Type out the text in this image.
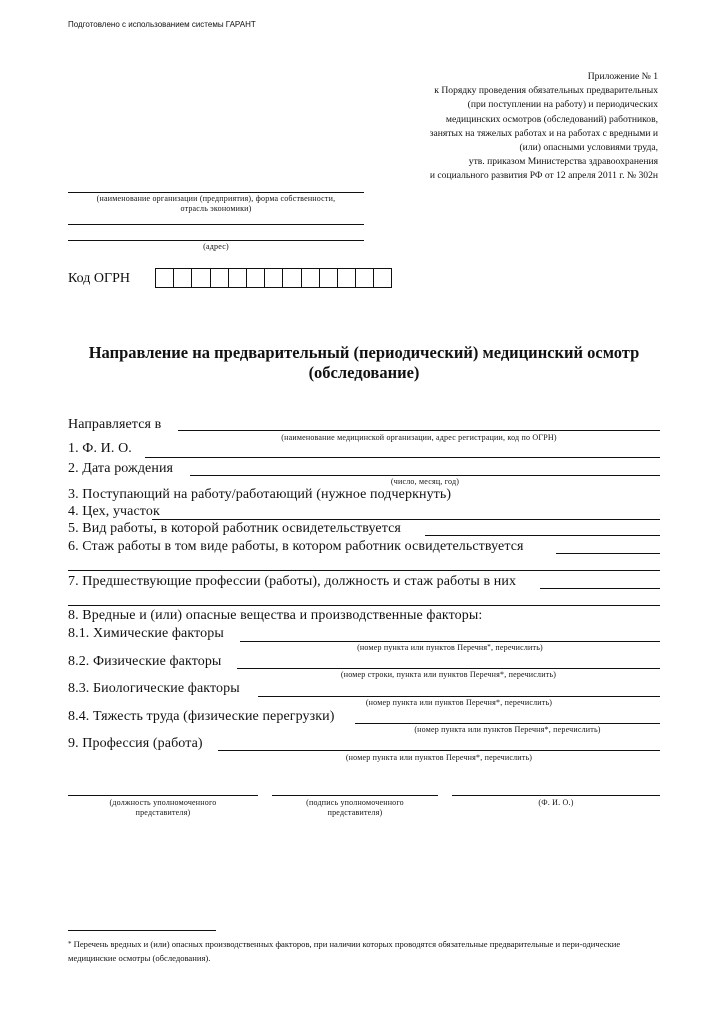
Подготовлено с использованием системы ГАРАНТ
Приложение № 1
к Порядку проведения обязательных предварительных
(при поступлении на работу) и периодических
медицинских осмотров (обследований) работников,
занятых на тяжелых работах и на работах с вредными и
(или) опасными условиями труда,
утв. приказом Министерства здравоохранения
и социального развития РФ от 12 апреля 2011 г. № 302н
(наименование организации (предприятия), форма собственности,
отрасль экономики)
(адрес)
Код ОГРН
Направление на предварительный (периодический) медицинский осмотр
(обследование)
Направляется в
(наименование медицинской организации, адрес регистрации, код по ОГРН)
1. Ф. И. О.
2. Дата рождения
(число, месяц, год)
3. Поступающий на работу/работающий (нужное подчеркнуть)
4. Цех, участок
5. Вид работы, в которой работник освидетельствуется
6. Стаж работы в том виде работы, в котором работник освидетельствуется
7. Предшествующие профессии (работы), должность и стаж работы в них
8. Вредные и (или) опасные вещества и производственные факторы:
8.1. Химические факторы
(номер пункта или пунктов Перечня*, перечислить)
8.2. Физические факторы
(номер строки, пункта или пунктов Перечня*, перечислить)
8.3. Биологические факторы
(номер пункта или пунктов Перечня*, перечислить)
8.4. Тяжесть труда (физические перегрузки)
(номер пункта или пунктов Перечня*, перечислить)
9. Профессия (работа)
(номер пункта или пунктов Перечня*, перечислить)
(должность уполномоченного
представителя)
(подпись уполномоченного
представителя)
(Ф. И. О.)
* Перечень вредных и (или) опасных производственных факторов, при наличии которых проводятся обязательные предварительные и пери-одические медицинские осмотры (обследования).
